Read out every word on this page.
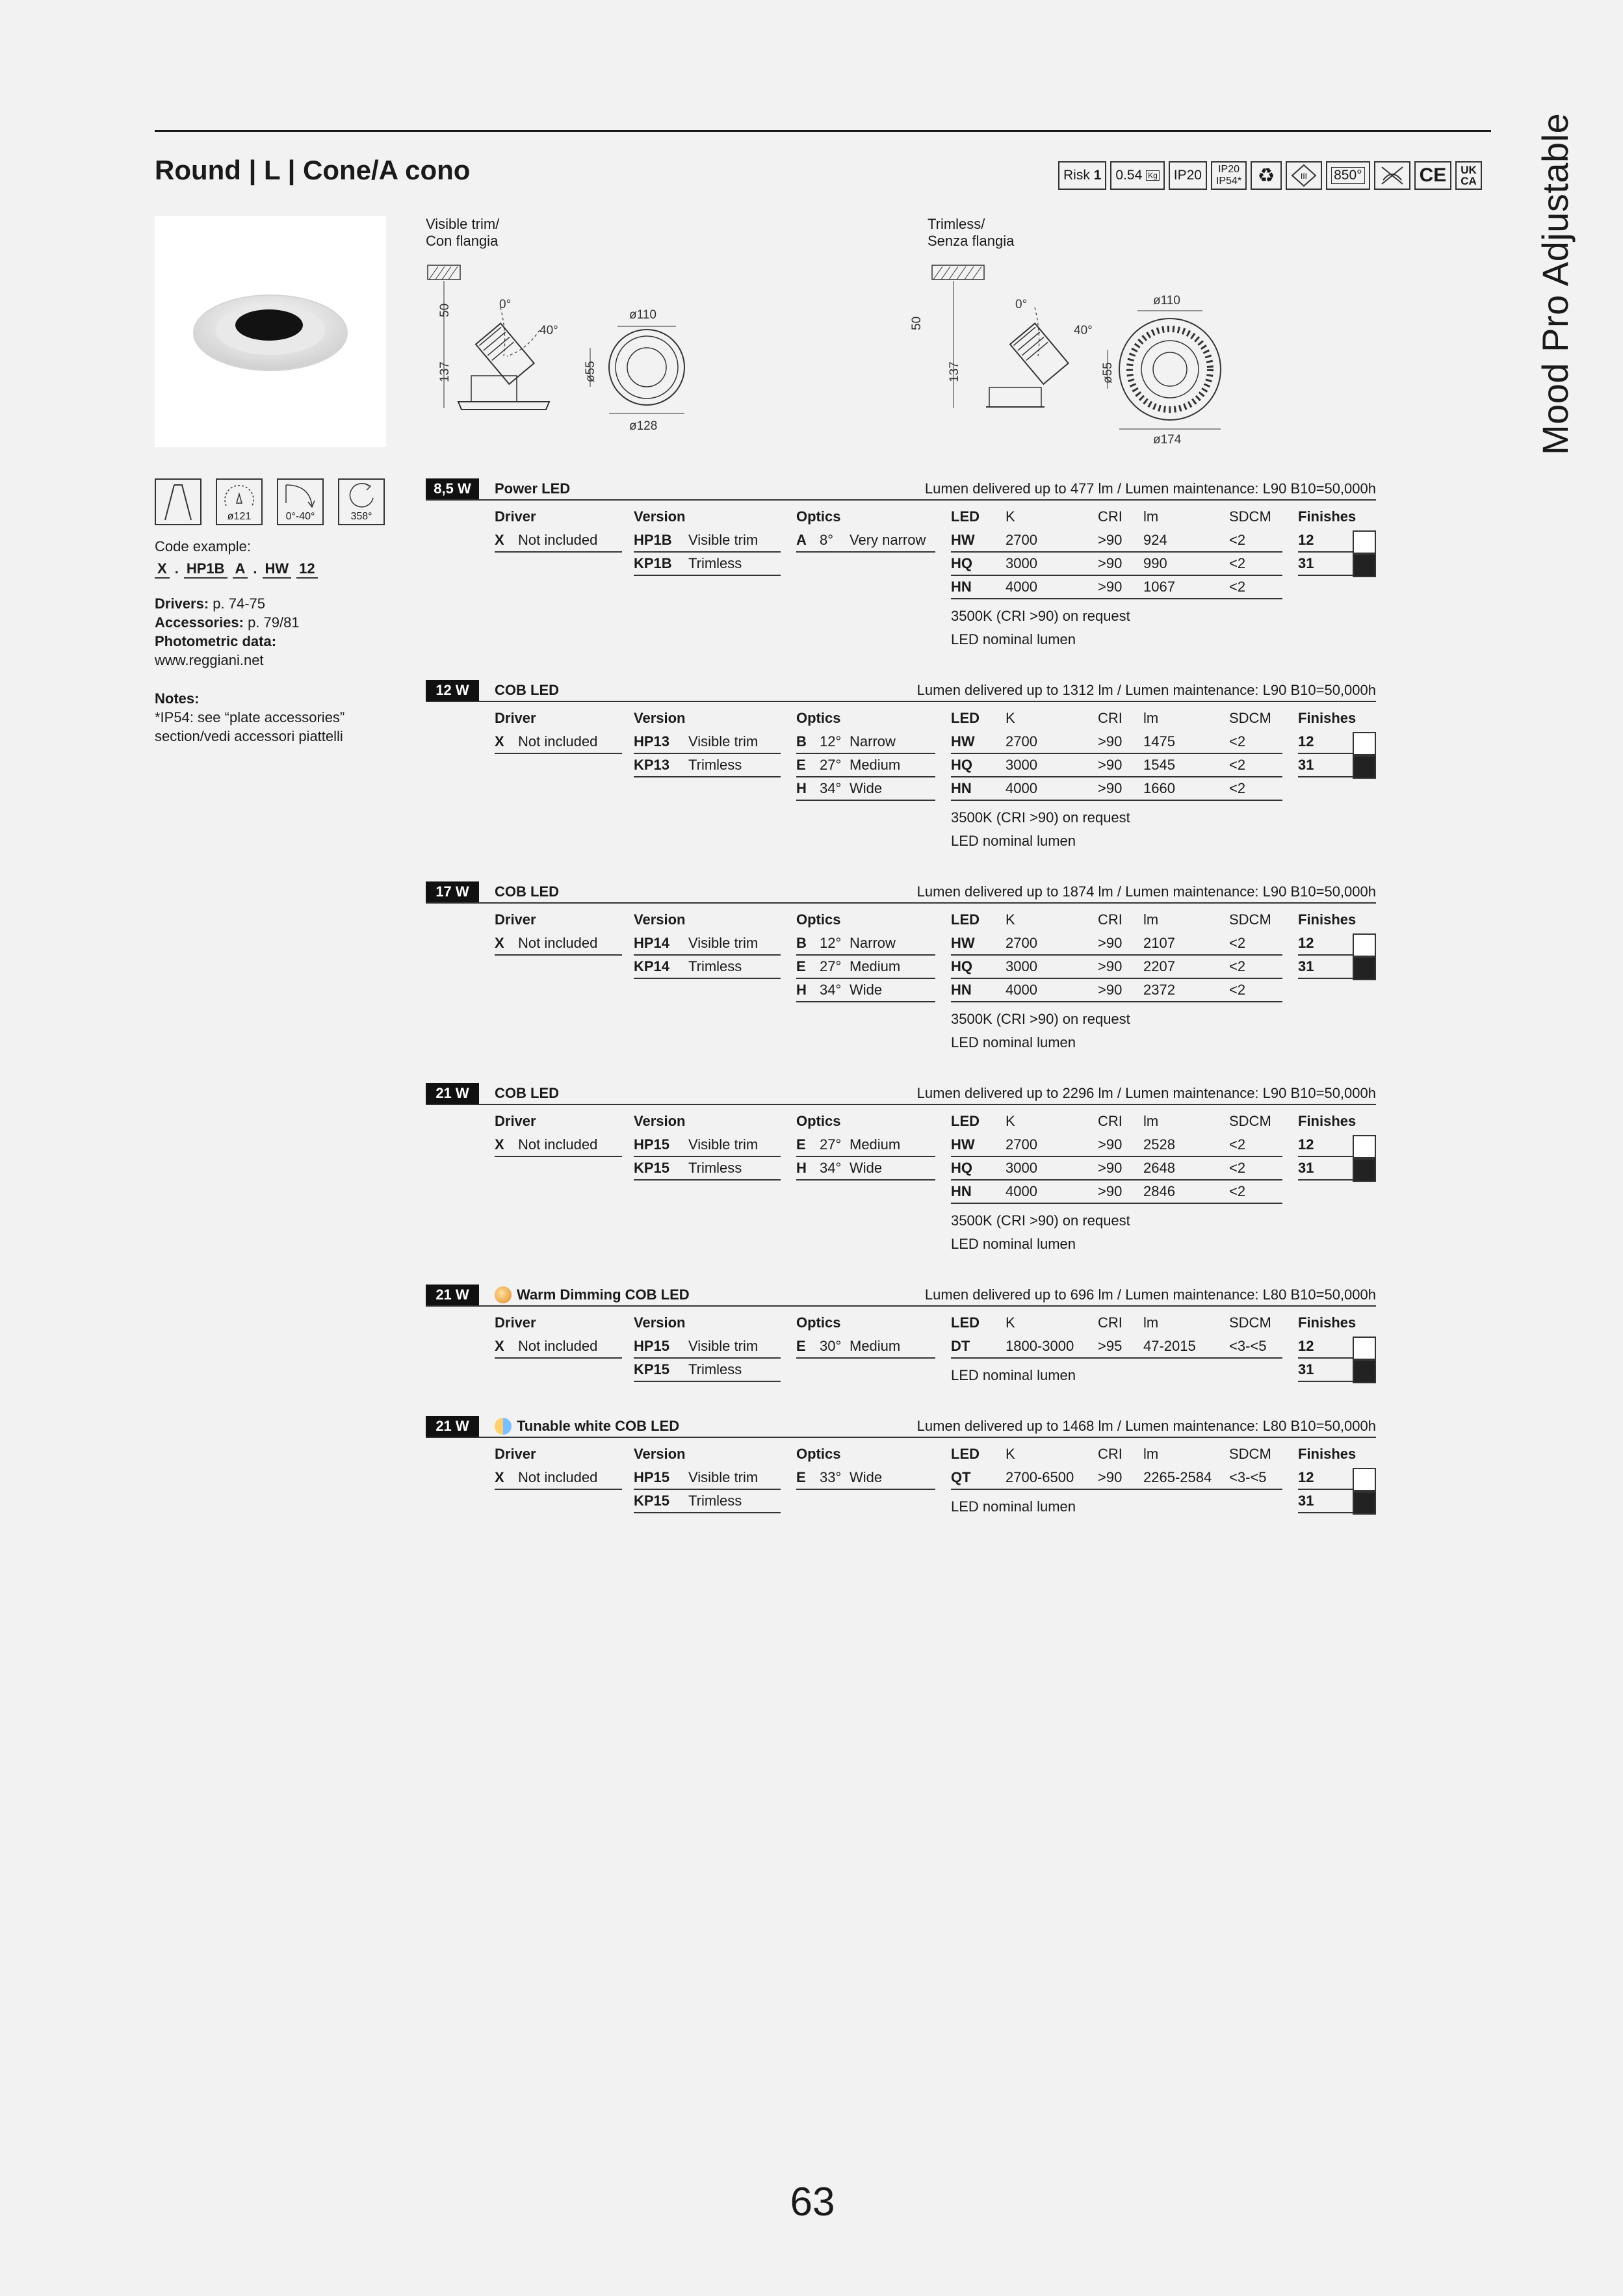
Mood Pro Adjustable
Round | L | Cone/A cono	Risk
1 0.54
Kg	IP20	IP20
IP54* ♻	III 850°	CE	UK
CA
Visible trim/
Con flangia
50
137
0°
40°
ø110
ø55
ø128
Trimless/
Senza flangia
50
137
0°
40°
ø110
ø55
ø174
ø121	0°-40°	358°
Code example:
X . HP1B A . HW 12
Drivers: p. 74-75
Accessories: p. 79/81
Photometric data:
www.reggiani.net
Notes:
*IP54: see “plate accessories”
section/vedi accessori piattelli
8,5 W	Power LED	Lumen delivered up to 477 lm / Lumen maintenance: L90 B10=50,000h
Driver
X Not included
Version
HP1B Visible trim
KP1B Trimless
Optics
A 8° Very narrow
LED K	CRI lm	SDCM
HW 2700	>90 924	<2
HQ 3000	>90 990	<2
HN 4000	>90 1067	<2
3500K (CRI >90) on request
LED nominal lumen
Finishes
12
31
12 W	COB LED	Lumen delivered up to 1312 lm / Lumen maintenance: L90 B10=50,000h
Driver
X Not included
Version
HP13 Visible trim
KP13 Trimless
Optics
B 12° Narrow
E 27° Medium
H 34° Wide
LED K	CRI lm	SDCM
HW 2700	>90 1475	<2
HQ 3000	>90 1545	<2
HN 4000	>90 1660	<2
3500K (CRI >90) on request
LED nominal lumen
Finishes
12
31
17 W	COB LED	Lumen delivered up to 1874 lm / Lumen maintenance: L90 B10=50,000h
Driver
X Not included
Version
HP14 Visible trim
KP14 Trimless
Optics
B 12° Narrow
E 27° Medium
H 34° Wide
LED K	CRI lm	SDCM
HW 2700	>90 2107	<2
HQ 3000	>90 2207	<2
HN 4000	>90 2372	<2
3500K (CRI >90) on request
LED nominal lumen
Finishes
12
31
21 W	COB LED	Lumen delivered up to 2296 lm / Lumen maintenance: L90 B10=50,000h
Driver
X Not included
Version
HP15 Visible trim
KP15 Trimless
Optics
E 27° Medium
H 34° Wide
LED K	CRI lm	SDCM
HW 2700	>90 2528	<2
HQ 3000	>90 2648	<2
HN 4000	>90 2846	<2
3500K (CRI >90) on request
LED nominal lumen
Finishes
12
31
21 W	Warm Dimming COB LED	Lumen delivered up to 696 lm / Lumen maintenance: L80 B10=50,000h
Driver
X Not included
Version
HP15 Visible trim
KP15 Trimless
Optics
E 30° Medium
LED K	CRI lm	SDCM
DT 1800-3000 >95 47-2015 <3-<5
LED nominal lumen
Finishes
12
31
21 W	Tunable white COB LED	Lumen delivered up to 1468 lm / Lumen maintenance: L80 B10=50,000h
Driver
X Not included
Version
HP15 Visible trim
KP15 Trimless
Optics
E 33° Wide
LED K	CRI lm	SDCM
QT 2700-6500 >90 2265-2584 <3-<5
LED nominal lumen
Finishes
12
31
63
